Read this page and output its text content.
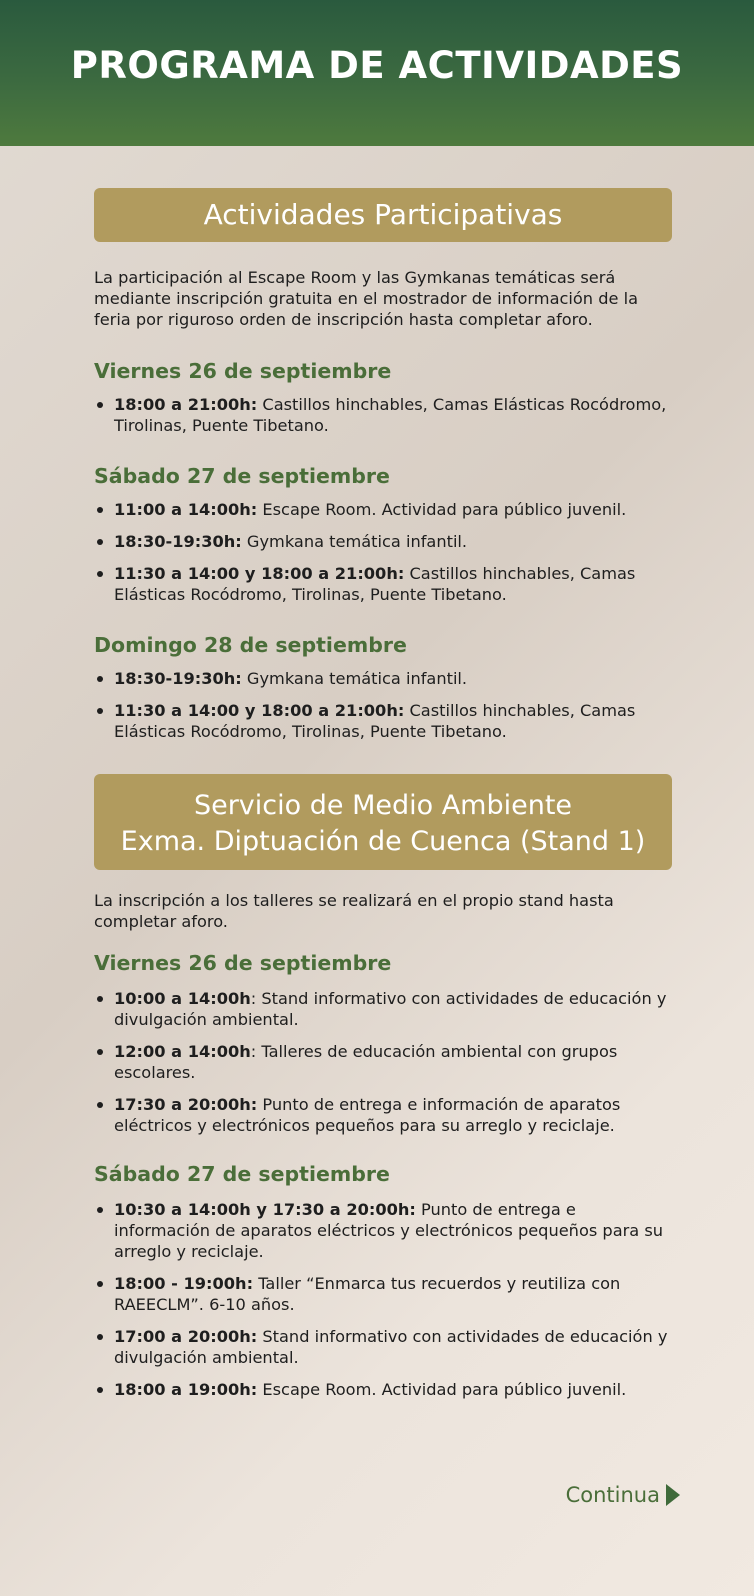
PROGRAMA DE ACTIVIDADES
Actividades Participativas

La participación al Escape Room y las Gymkanas temáticas será mediante inscripción gratuita en el mostrador de información de la feria por riguroso orden de inscripción hasta completar aforo.

Viernes 26 de septiembre
18:00 a 21:00h: Castillos hinchables, Camas Elásticas Rocódromo, Tirolinas, Puente Tibetano.
Sábado 27 de septiembre
11:00 a 14:00h: Escape Room. Actividad para público juvenil.
18:30-19:30h: Gymkana temática infantil.
11:30 a 14:00 y 18:00 a 21:00h: Castillos hinchables, Camas Elásticas Rocódromo, Tirolinas, Puente Tibetano.
Domingo 28 de septiembre
18:30-19:30h: Gymkana temática infantil.
11:30 a 14:00 y 18:00 a 21:00h: Castillos hinchables, Camas Elásticas Rocódromo, Tirolinas, Puente Tibetano.
Servicio de Medio Ambiente
Exma. Diptuación de Cuenca (Stand 1)

La inscripción a los talleres se realizará en el propio stand hasta completar aforo.

Viernes 26 de septiembre
10:00 a 14:00h: Stand informativo con actividades de educación y divulgación ambiental.
12:00 a 14:00h: Talleres de educación ambiental con grupos escolares.
17:30 a 20:00h: Punto de entrega e información de aparatos eléctricos y electrónicos pequeños para su arreglo y reciclaje.
Sábado 27 de septiembre
10:30 a 14:00h y 17:30 a 20:00h: Punto de entrega e información de aparatos eléctricos y electrónicos pequeños para su arreglo y reciclaje.
18:00 - 19:00h: Taller “Enmarca tus recuerdos y reutiliza con RAEECLM”. 6-10 años.
17:00 a 20:00h: Stand informativo con actividades de educación y divulgación ambiental.
18:00 a 19:00h: Escape Room. Actividad para público juvenil.
Continua
